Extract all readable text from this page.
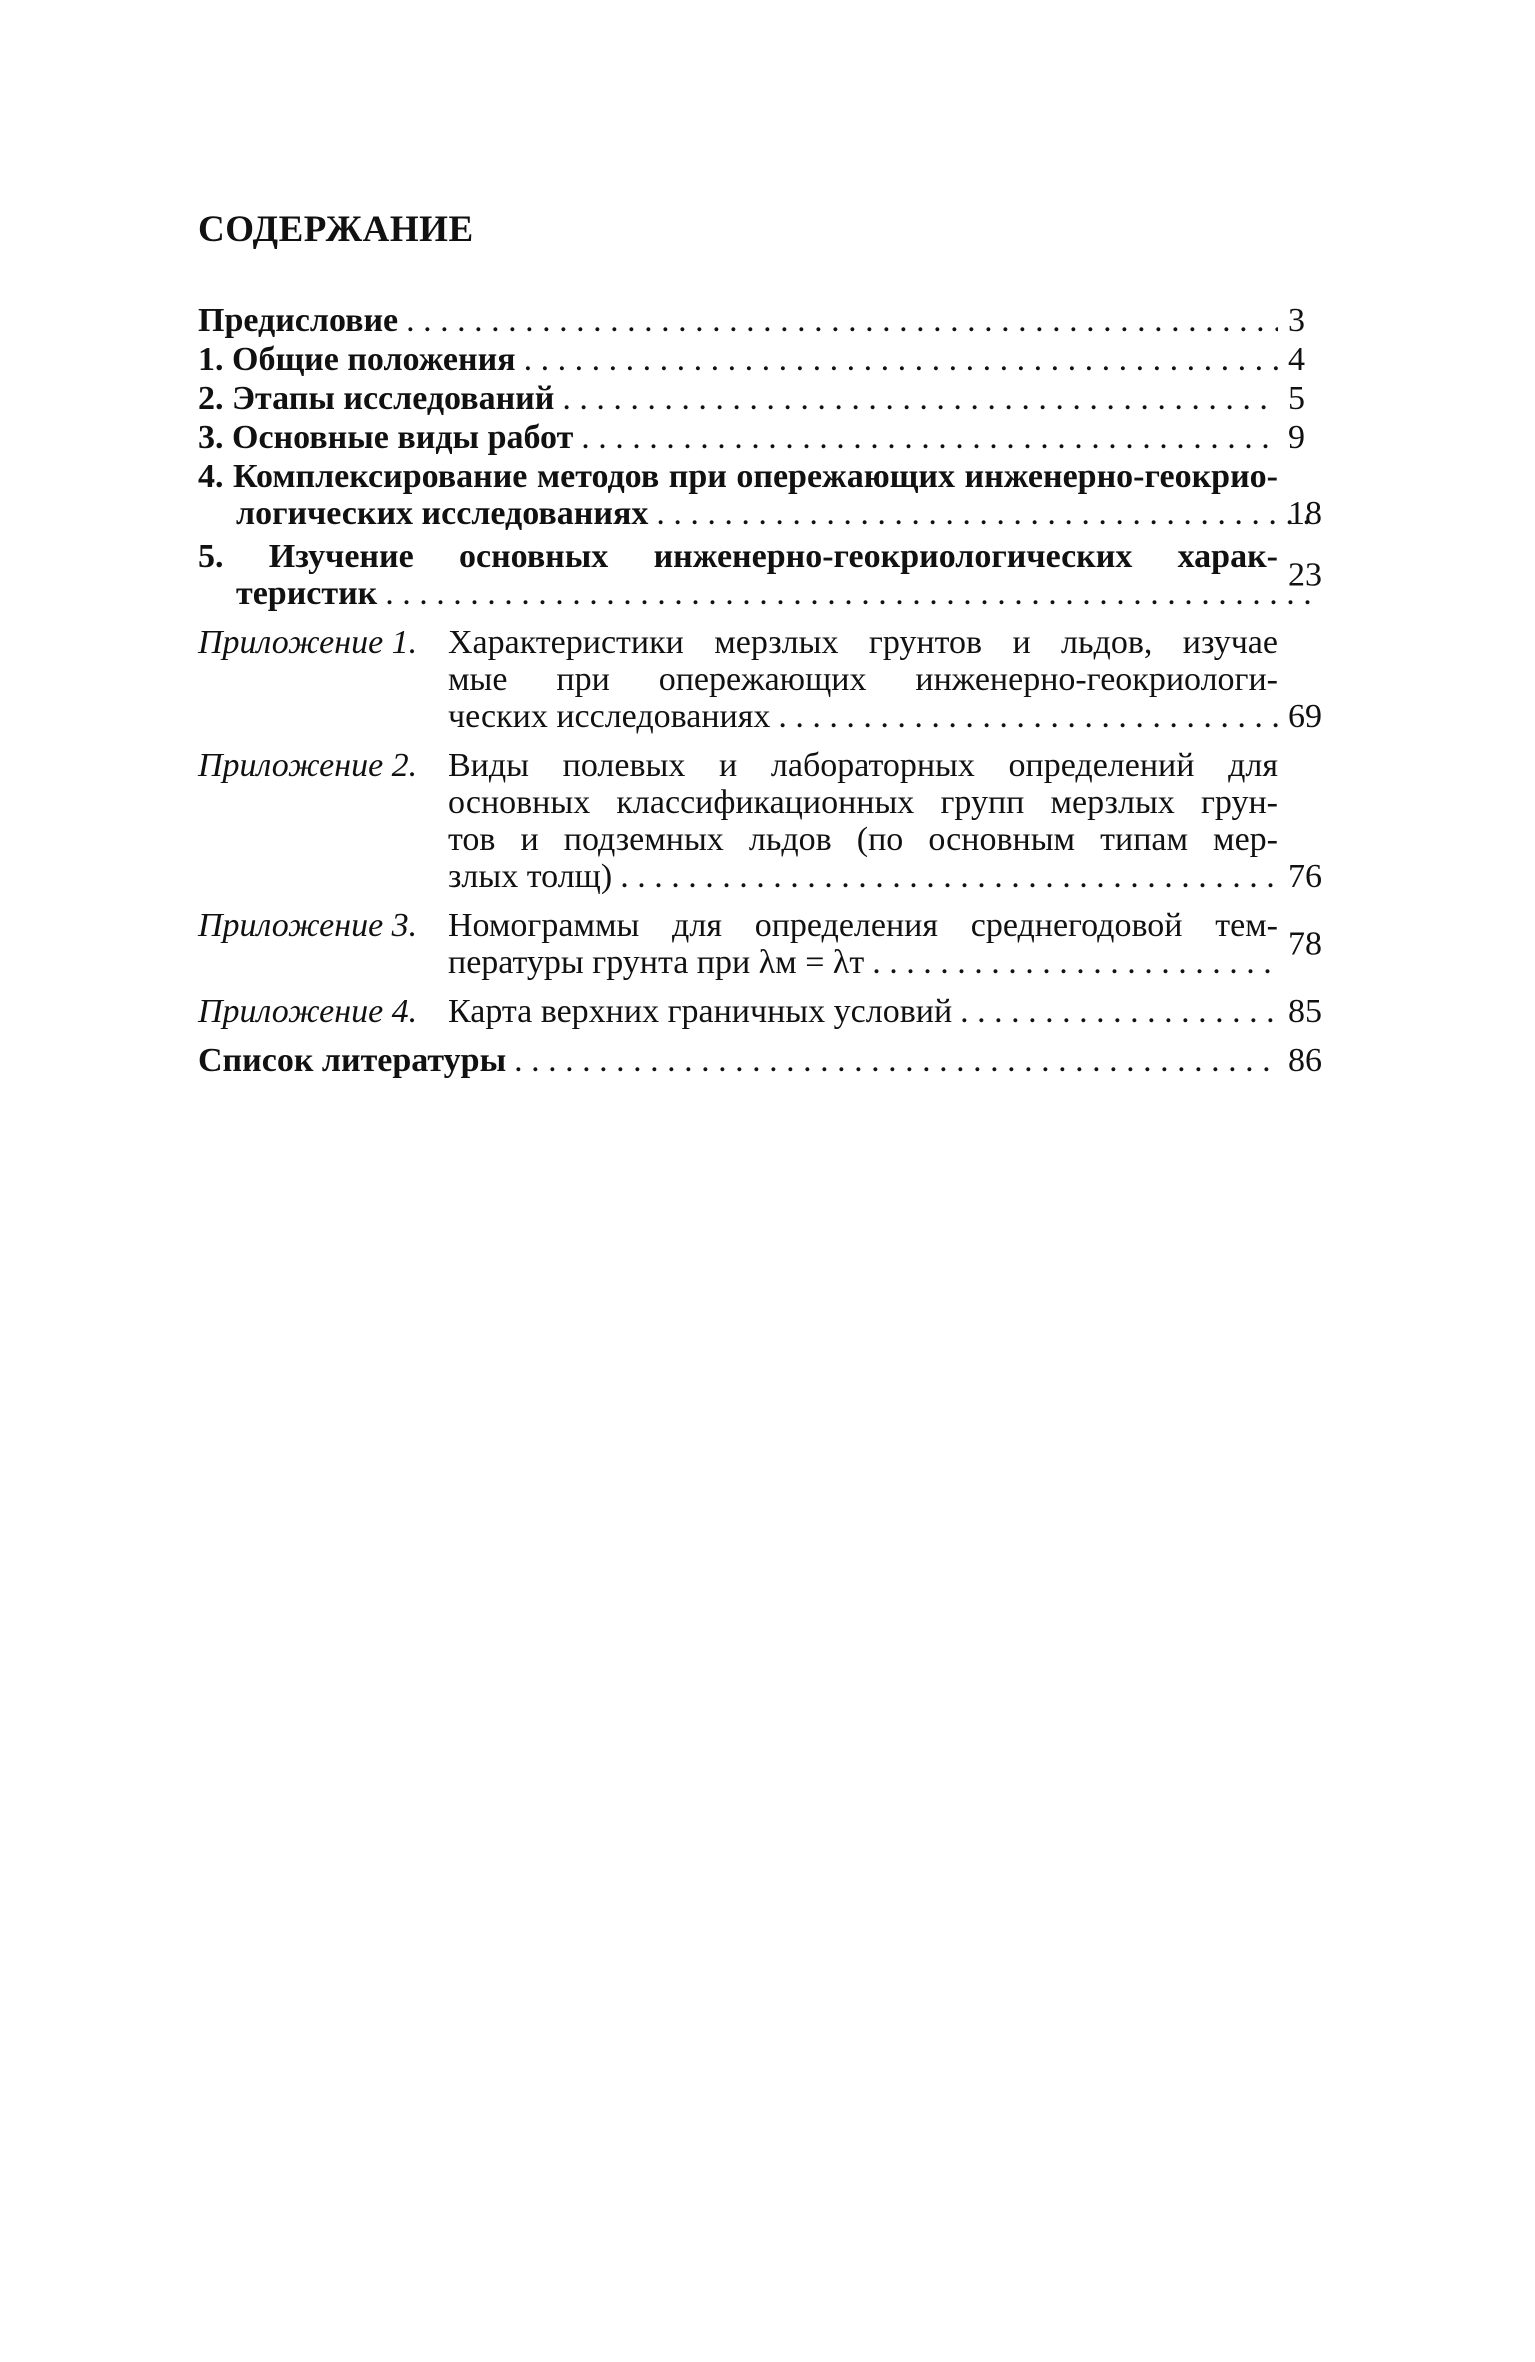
СОДЕРЖАНИЕ
Предисловие . . .	3
1. Общие положения . . .	4
2. Этапы исследований . . .	5
3. Основные виды работ . . .	9
4. Комплексирование методов при опережающих инженерно-геокрио-
логических исследованиях . . .	18
5. Изучение основных инженерно-геокриологических харак-
теристик . . .	23
Приложение 1. Характеристики мерзлых грунтов и льдов, изучае
мые при опережающих инженерно-геокриологи-
ческих исследованиях . . .	69
Приложение 2. Виды полевых и лабораторных определений для
основных классификационных групп мерзлых грун-
тов и подземных льдов (по основным типам мер-
злых толщ) . . .	76
Приложение 3. Номограммы для определения среднегодовой тем-
пературы грунта при λм = λт . . .	78
Приложение 4. Карта верхних граничных условий . . .	85
Список литературы . . .	86
